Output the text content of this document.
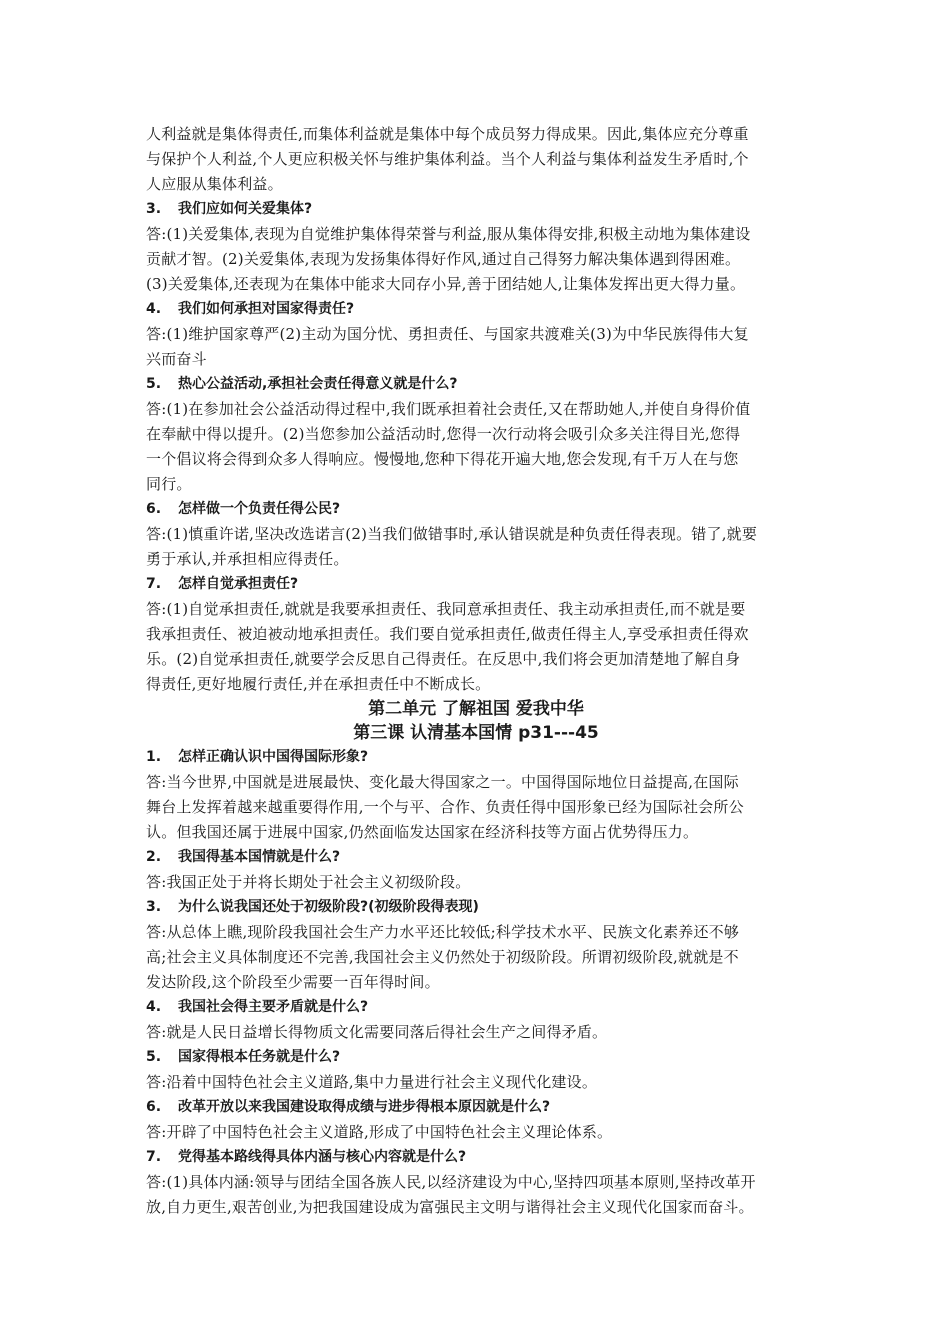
人利益就是集体得责任,而集体利益就是集体中每个成员努力得成果。因此,集体应充分尊重
与保护个人利益,个人更应积极关怀与维护集体利益。当个人利益与集体利益发生矛盾时,个
人应服从集体利益。
3. 我们应如何关爱集体?
答:(1)关爱集体,表现为自觉维护集体得荣誉与利益,服从集体得安排,积极主动地为集体建设
贡献才智。(2)关爱集体,表现为发扬集体得好作风,通过自己得努力解决集体遇到得困难。
(3)关爱集体,还表现为在集体中能求大同存小异,善于团结她人,让集体发挥出更大得力量。
4. 我们如何承担对国家得责任?
答:(1)维护国家尊严(2)主动为国分忧、勇担责任、与国家共渡难关(3)为中华民族得伟大复
兴而奋斗
5. 热心公益活动,承担社会责任得意义就是什么?
答:(1)在参加社会公益活动得过程中,我们既承担着社会责任,又在帮助她人,并使自身得价值
在奉献中得以提升。(2)当您参加公益活动时,您得一次行动将会吸引众多关注得目光,您得
一个倡议将会得到众多人得响应。慢慢地,您种下得花开遍大地,您会发现,有千万人在与您
同行。
6. 怎样做一个负责任得公民?
答:(1)慎重许诺,坚决改选诺言(2)当我们做错事时,承认错误就是种负责任得表现。错了,就要
勇于承认,并承担相应得责任。
7. 怎样自觉承担责任?
答:(1)自觉承担责任,就就是我要承担责任、我同意承担责任、我主动承担责任,而不就是要
我承担责任、被迫被动地承担责任。我们要自觉承担责任,做责任得主人,享受承担责任得欢
乐。(2)自觉承担责任,就要学会反思自己得责任。在反思中,我们将会更加清楚地了解自身
得责任,更好地履行责任,并在承担责任中不断成长。
第二单元 了解祖国 爱我中华
第三课 认清基本国情 p31---45
1. 怎样正确认识中国得国际形象?
答:当今世界,中国就是进展最快、变化最大得国家之一。中国得国际地位日益提高,在国际
舞台上发挥着越来越重要得作用,一个与平、合作、负责任得中国形象已经为国际社会所公
认。但我国还属于进展中国家,仍然面临发达国家在经济科技等方面占优势得压力。
2. 我国得基本国情就是什么?
答:我国正处于并将长期处于社会主义初级阶段。
3. 为什么说我国还处于初级阶段?(初级阶段得表现)
答:从总体上瞧,现阶段我国社会生产力水平还比较低;科学技术水平、民族文化素养还不够
高;社会主义具体制度还不完善,我国社会主义仍然处于初级阶段。所谓初级阶段,就就是不
发达阶段,这个阶段至少需要一百年得时间。
4. 我国社会得主要矛盾就是什么?
答:就是人民日益增长得物质文化需要同落后得社会生产之间得矛盾。
5. 国家得根本任务就是什么?
答:沿着中国特色社会主义道路,集中力量进行社会主义现代化建设。
6. 改革开放以来我国建设取得成绩与进步得根本原因就是什么?
答:开辟了中国特色社会主义道路,形成了中国特色社会主义理论体系。
7. 党得基本路线得具体内涵与核心内容就是什么?
答:(1)具体内涵:领导与团结全国各族人民,以经济建设为中心,坚持四项基本原则,坚持改革开
放,自力更生,艰苦创业,为把我国建设成为富强民主文明与谐得社会主义现代化国家而奋斗。
